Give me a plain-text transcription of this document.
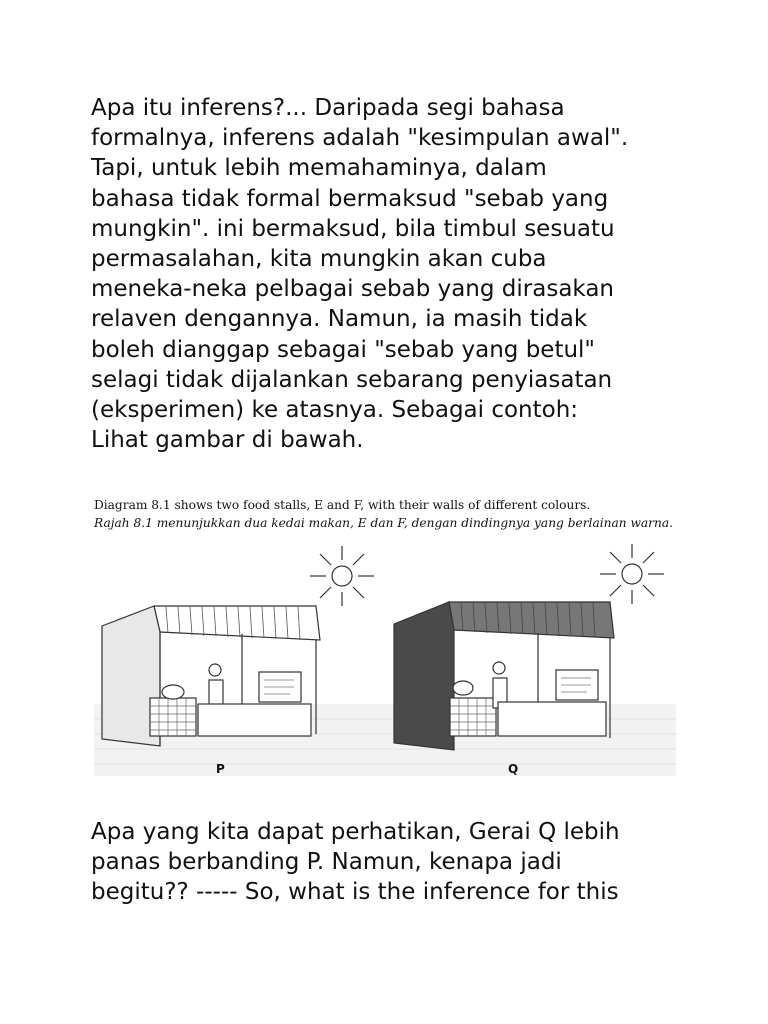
Apa itu inferens?... Daripada segi bahasa
formalnya, inferens adalah "kesimpulan awal".
Tapi, untuk lebih memahaminya, dalam
bahasa tidak formal bermaksud "sebab yang
mungkin". ini bermaksud, bila timbul sesuatu
permasalahan, kita mungkin akan cuba
meneka-neka pelbagai sebab yang dirasakan
relaven dengannya. Namun, ia masih tidak
boleh dianggap sebagai "sebab yang betul"
selagi tidak dijalankan sebarang penyiasatan
(eksperimen) ke atasnya. Sebagai contoh:
Lihat gambar di bawah.

Diagram 8.1 shows two food stalls, E and F, with their walls of different colours.
Rajah 8.1 menunjukkan dua kedai makan, E dan F, dengan dindingnya yang berlainan warna.
P	Q

Apa yang kita dapat perhatikan, Gerai Q lebih
panas berbanding P. Namun, kenapa jadi
begitu?? ----- So, what is the inference for this
